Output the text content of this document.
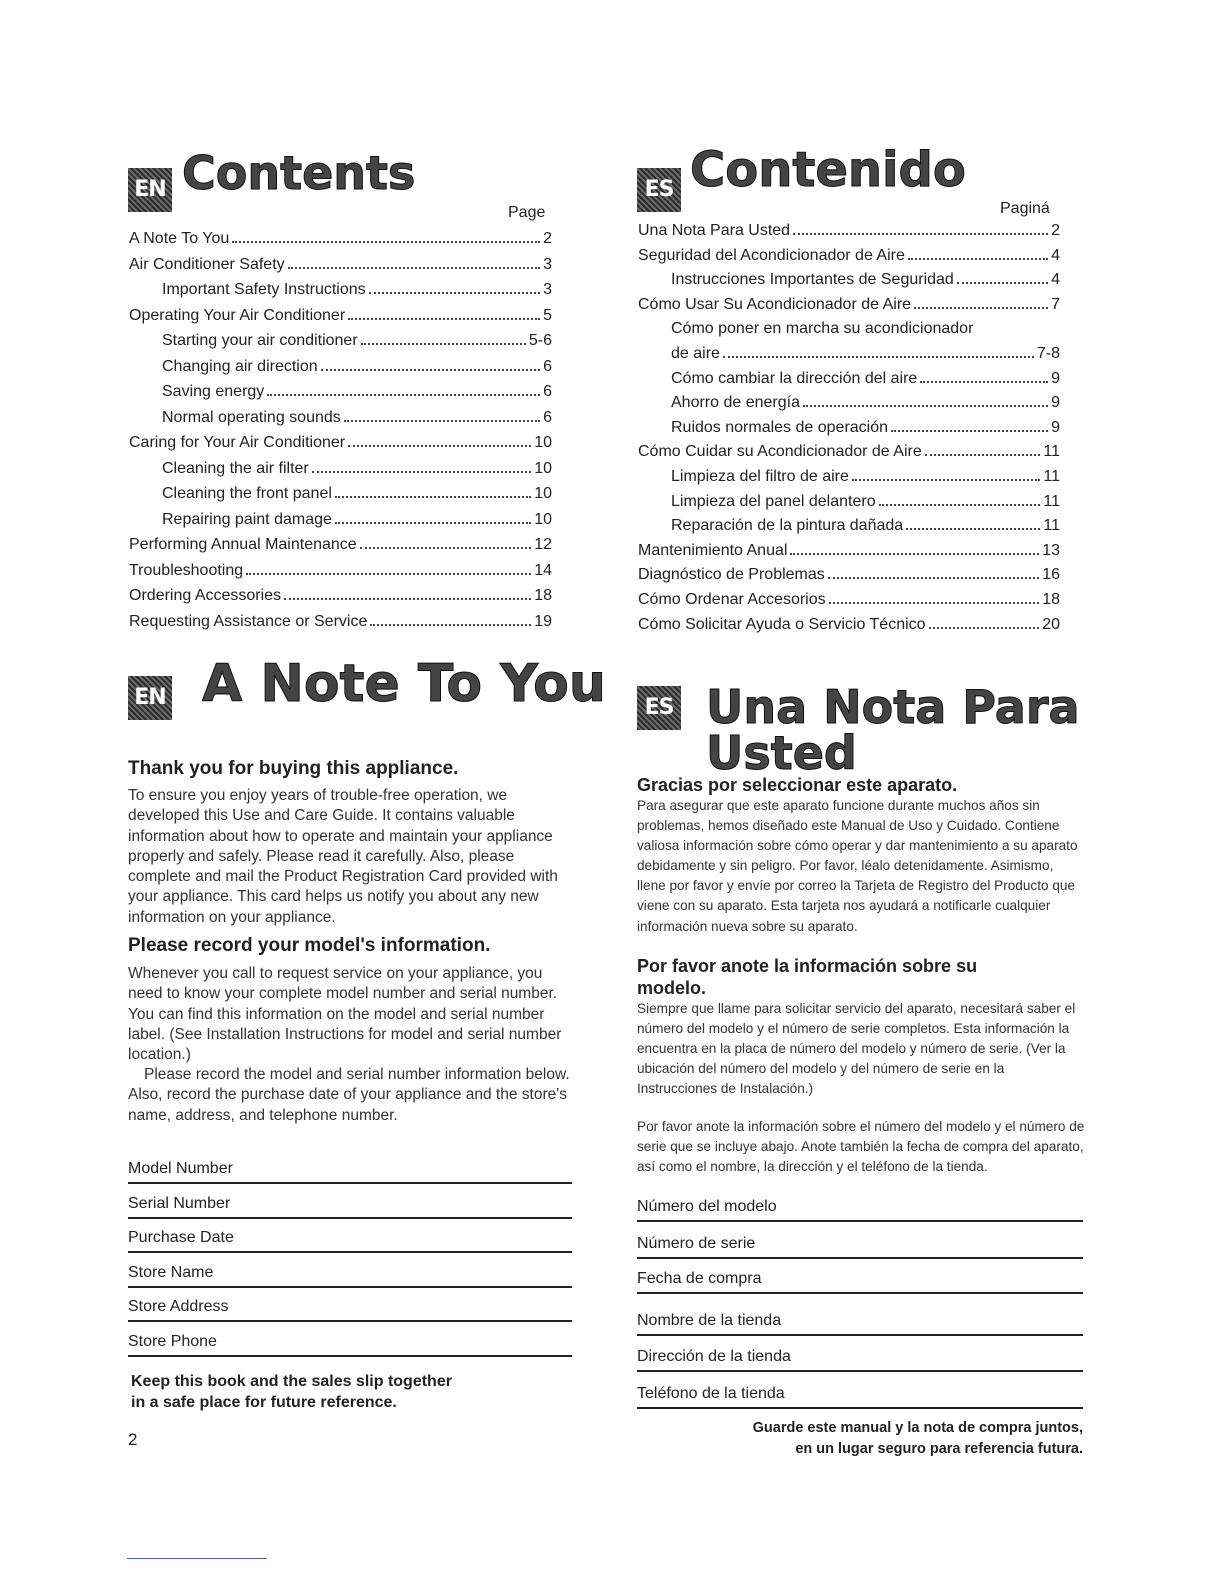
EN Contents
Page
A Note To You	2
Air Conditioner Safety	3
Important Safety Instructions	3
Operating Your Air Conditioner	5
Starting your air conditioner	5-6
Changing air direction	6
Saving energy	6
Normal operating sounds	6
Caring for Your Air Conditioner	10
Cleaning the air filter	10
Cleaning the front panel	10
Repairing paint damage	10
Performing Annual Maintenance	12
Troubleshooting	14
Ordering Accessories	18
Requesting Assistance or Service	19
EN A Note To You
Thank you for buying this appliance.

To ensure you enjoy years of trouble-free operation, we developed this Use and Care Guide. It contains valuable information about how to operate and maintain your appliance properly and safely. Please read it carefully. Also, please complete and mail the Product Registration Card provided with your appliance. This card helps us notify you about any new information on your appliance.

Please record your model's information.

Whenever you call to request service on your appliance, you need to know your complete model number and serial number. You can find this information on the model and serial number label. (See Installation Instructions for model and serial number location.)

Please record the model and serial number information below. Also, record the purchase date of your appliance and the store's name, address, and telephone number.

Model Number
Serial Number
Purchase Date
Store Name
Store Address
Store Phone

Keep this book and the sales slip together

in a safe place for future reference.

2
ES Contenido
Paginá
Una Nota Para Usted	2
Seguridad del Acondicionador de Aire	4
Instrucciones Importantes de Seguridad	4
Cómo Usar Su Acondicionador de Aire	7
Cómo poner en marcha su acondicionador
de aire	7-8
Cómo cambiar la dirección del aire	9
Ahorro de energía	9
Ruidos normales de operación	9
Cómo Cuidar su Acondicionador de Aire	11
Limpieza del filtro de aire	11
Limpieza del panel delantero	11
Reparación de la pintura dañada	11
Mantenimiento Anual	13
Diagnóstico de Problemas	16
Cómo Ordenar Accesorios	18
Cómo Solicitar Ayuda o Servicio Técnico	20
ES Una Nota Para
Usted
Gracias por seleccionar este aparato.

Para asegurar que este aparato funcione durante muchos años sin problemas, hemos diseñado este Manual de Uso y Cuidado. Contiene valiosa información sobre cómo operar y dar mantenimiento a su aparato debidamente y sin peligro. Por favor, léalo detenidamente. Asimismo, llene por favor y envíe por correo la Tarjeta de Registro del Producto que viene con su aparato. Esta tarjeta nos ayudará a notificarle cualquier información nueva sobre su aparato.

Por favor anote la información sobre su
modelo.

Siempre que llame para solicitar servicio del aparato, necesitará saber el número del modelo y el número de serie completos. Esta información la encuentra en la placa de número del modelo y número de serie. (Ver la ubicación del número del modelo y del número de serie en la Instrucciones de Instalación.)

Por favor anote la información sobre el número del modelo y el número de serie que se incluye abajo. Anote también la fecha de compra del aparato, así como el nombre, la dirección y el teléfono de la tienda.

Número del modelo
Número de serie
Fecha de compra
Nombre de la tienda
Dirección de la tienda
Teléfono de la tienda

Guarde este manual y la nota de compra juntos,

en un lugar seguro para referencia futura.
